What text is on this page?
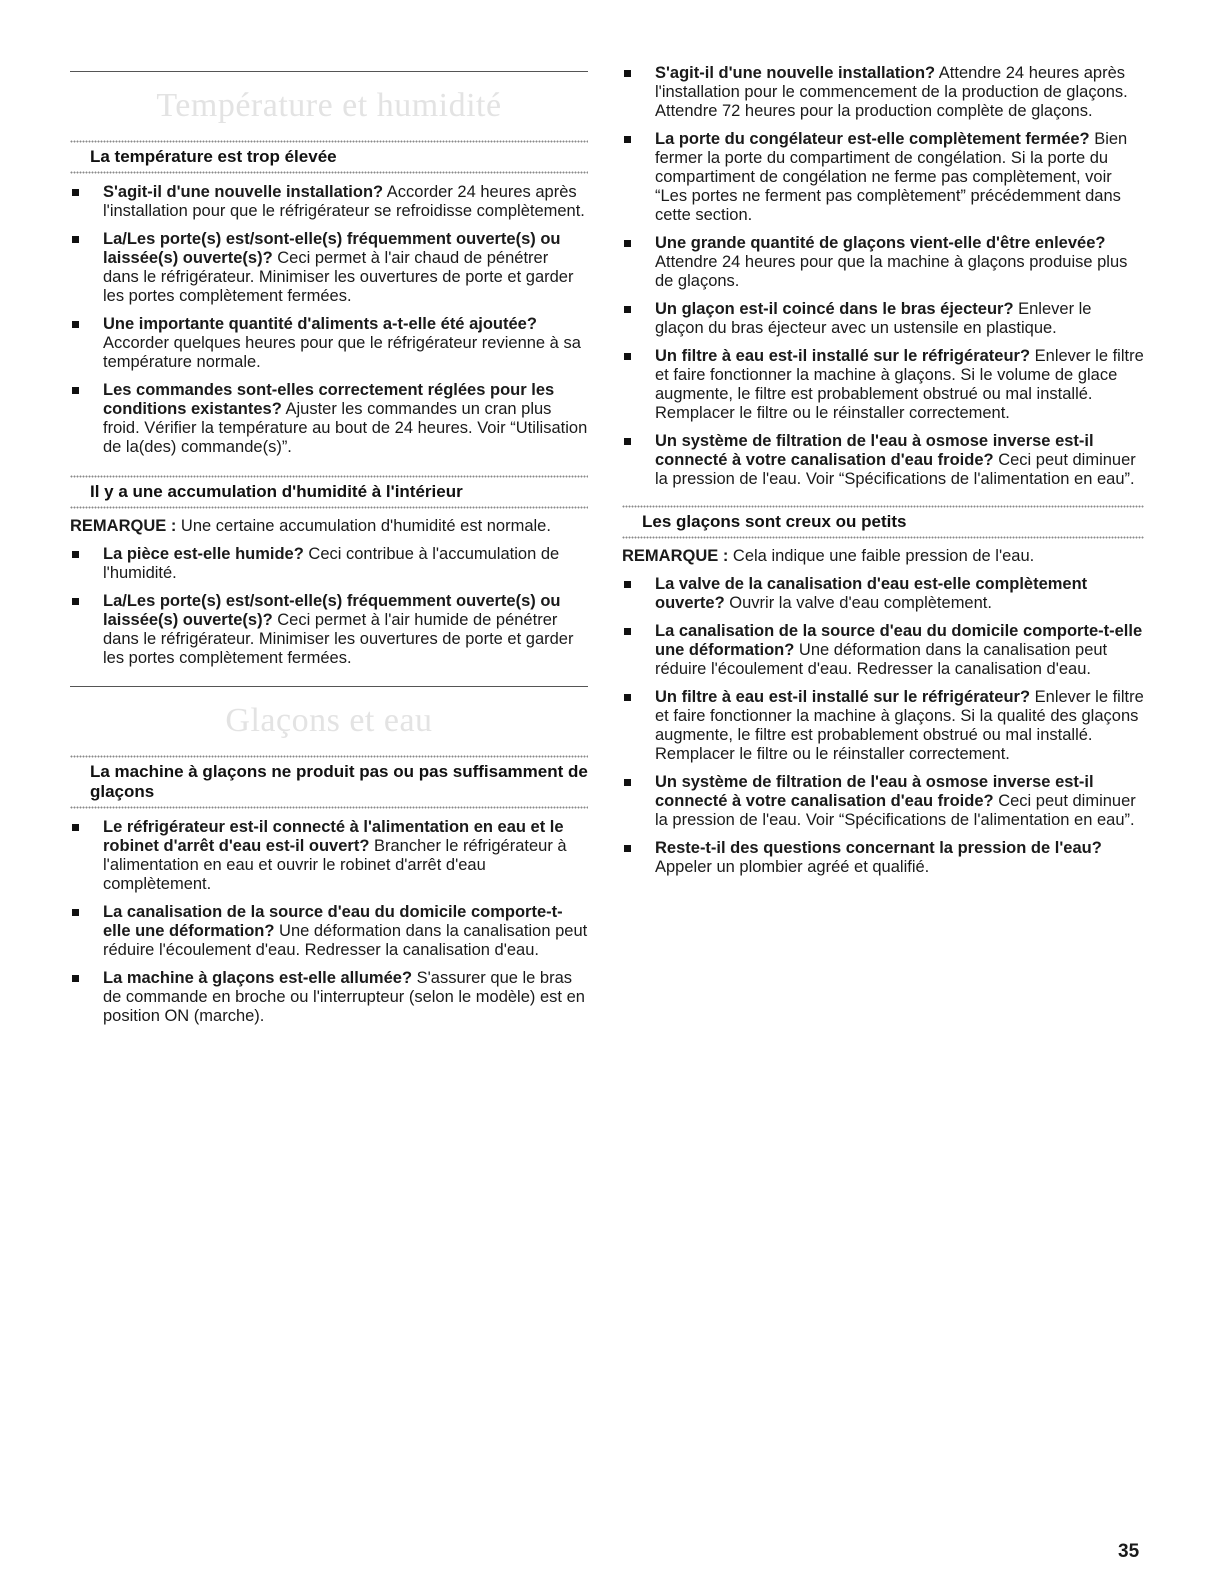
Température et humidité
La température est trop élevée
S'agit-il d'une nouvelle installation? Accorder 24 heures après l'installation pour que le réfrigérateur se refroidisse complètement.
La/Les porte(s) est/sont-elle(s) fréquemment ouverte(s) ou laissée(s) ouverte(s)? Ceci permet à l'air chaud de pénétrer dans le réfrigérateur. Minimiser les ouvertures de porte et garder les portes complètement fermées.
Une importante quantité d'aliments a-t-elle été ajoutée? Accorder quelques heures pour que le réfrigérateur revienne à sa température normale.
Les commandes sont-elles correctement réglées pour les conditions existantes? Ajuster les commandes un cran plus froid. Vérifier la température au bout de 24 heures. Voir “Utilisation de la(des) commande(s)”.
Il y a une accumulation d'humidité à l'intérieur
REMARQUE : Une certaine accumulation d'humidité est normale.
La pièce est-elle humide? Ceci contribue à l'accumulation de l'humidité.
La/Les porte(s) est/sont-elle(s) fréquemment ouverte(s) ou laissée(s) ouverte(s)? Ceci permet à l'air humide de pénétrer dans le réfrigérateur. Minimiser les ouvertures de porte et garder les portes complètement fermées.
Glaçons et eau
La machine à glaçons ne produit pas ou pas suffisamment de glaçons
Le réfrigérateur est-il connecté à l'alimentation en eau et le robinet d'arrêt d'eau est-il ouvert? Brancher le réfrigérateur à l'alimentation en eau et ouvrir le robinet d'arrêt d'eau complètement.
La canalisation de la source d'eau du domicile comporte-t-elle une déformation? Une déformation dans la canalisation peut réduire l'écoulement d'eau. Redresser la canalisation d'eau.
La machine à glaçons est-elle allumée? S'assurer que le bras de commande en broche ou l'interrupteur (selon le modèle) est en position ON (marche).
S'agit-il d'une nouvelle installation? Attendre 24 heures après l'installation pour le commencement de la production de glaçons. Attendre 72 heures pour la production complète de glaçons.
La porte du congélateur est-elle complètement fermée? Bien fermer la porte du compartiment de congélation. Si la porte du compartiment de congélation ne ferme pas complètement, voir “Les portes ne ferment pas complètement” précédemment dans cette section.
Une grande quantité de glaçons vient-elle d'être enlevée? Attendre 24 heures pour que la machine à glaçons produise plus de glaçons.
Un glaçon est-il coincé dans le bras éjecteur? Enlever le glaçon du bras éjecteur avec un ustensile en plastique.
Un filtre à eau est-il installé sur le réfrigérateur? Enlever le filtre et faire fonctionner la machine à glaçons. Si le volume de glace augmente, le filtre est probablement obstrué ou mal installé. Remplacer le filtre ou le réinstaller correctement.
Un système de filtration de l'eau à osmose inverse est-il connecté à votre canalisation d'eau froide? Ceci peut diminuer la pression de l'eau. Voir “Spécifications de l'alimentation en eau”.
Les glaçons sont creux ou petits
REMARQUE : Cela indique une faible pression de l'eau.
La valve de la canalisation d'eau est-elle complètement ouverte? Ouvrir la valve d'eau complètement.
La canalisation de la source d'eau du domicile comporte-t-elle une déformation? Une déformation dans la canalisation peut réduire l'écoulement d'eau. Redresser la canalisation d'eau.
Un filtre à eau est-il installé sur le réfrigérateur? Enlever le filtre et faire fonctionner la machine à glaçons. Si la qualité des glaçons augmente, le filtre est probablement obstrué ou mal installé. Remplacer le filtre ou le réinstaller correctement.
Un système de filtration de l'eau à osmose inverse est-il connecté à votre canalisation d'eau froide? Ceci peut diminuer la pression de l'eau. Voir “Spécifications de l'alimentation en eau”.
Reste-t-il des questions concernant la pression de l'eau? Appeler un plombier agréé et qualifié.
35
